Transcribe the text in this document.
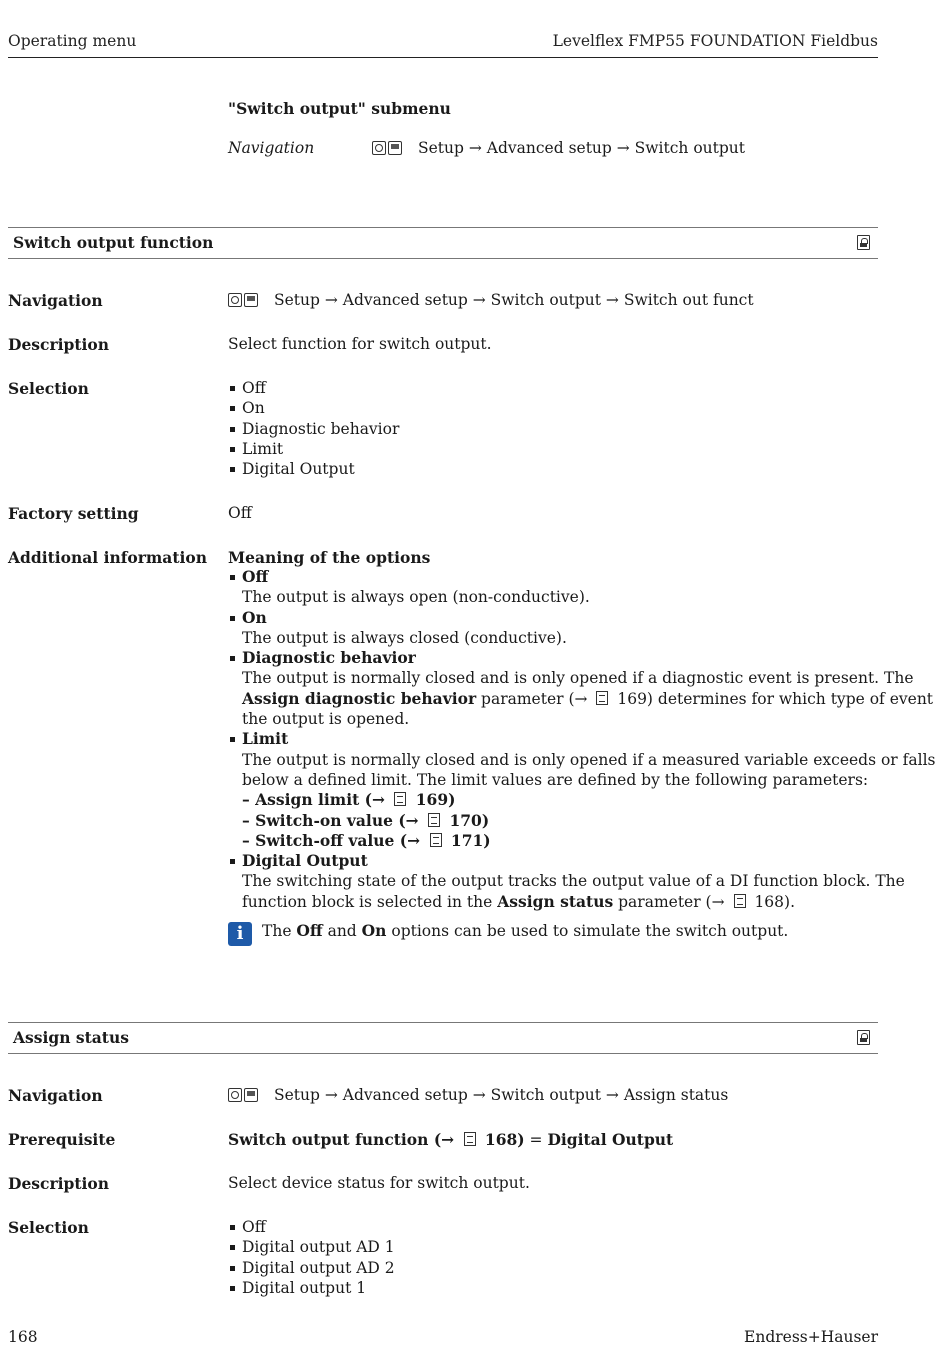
Operating menu	Levelflex FMP55 FOUNDATION Fieldbus
"Switch output" submenu
Navigation	Setup → Advanced setup → Switch output
Switch output function
Navigation	Setup → Advanced setup → Switch output → Switch out funct
Description	Select function for switch output.
Selection	Off
On
Diagnostic behavior
Limit
Digital Output
Factory setting	Off
Additional information Meaning of the options
Off
The output is always open (non-conductive).
On
The output is always closed (conductive).
Diagnostic behavior
The output is normally closed and is only opened if a diagnostic event is present. The
Assign diagnostic behavior parameter (→  169) determines for which type of event
the output is opened.
Limit
The output is normally closed and is only opened if a measured variable exceeds or falls
below a defined limit. The limit values are defined by the following parameters:
– Assign limit (→  169)
– Switch-on value (→  170)
– Switch-off value (→  171)
Digital Output
The switching state of the output tracks the output value of a DI function block. The
function block is selected in the Assign status parameter (→  168).
i	The Off and On options can be used to simulate the switch output.
Assign status
Navigation	Setup → Advanced setup → Switch output → Assign status
Prerequisite	Switch output function (→  168) = Digital Output
Description	Select device status for switch output.
Selection	Off
Digital output AD 1
Digital output AD 2
Digital output 1
168	Endress+Hauser
